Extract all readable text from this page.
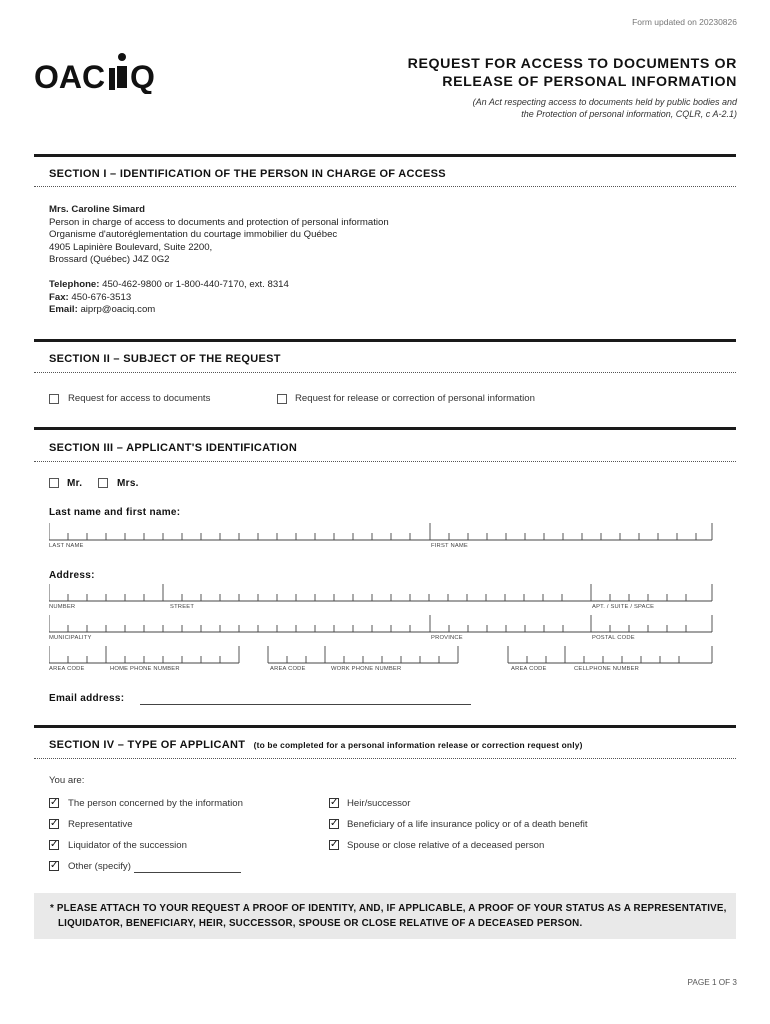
Form updated on 20230826
OAC Q	REQUEST FOR ACCESS TO DOCUMENTS OR
RELEASE OF PERSONAL INFORMATION
(An Act respecting access to documents held by public bodies and
the Protection of personal information, CQLR, c A-2.1)
SECTION I – IDENTIFICATION OF THE PERSON IN CHARGE OF ACCESS
Mrs. Caroline Simard
Person in charge of access to documents and protection of personal information
Organisme d'autoréglementation du courtage immobilier du Québec
4905 Lapinière Boulevard, Suite 2200,
Brossard (Québec) J4Z 0G2
Telephone: 450-462-9800 or 1-800-440-7170, ext. 8314
Fax: 450-676-3513
Email: aiprp@oaciq.com
SECTION II – SUBJECT OF THE REQUEST
Request for access to documents	Request for release or correction of personal information
SECTION III – APPLICANT'S IDENTIFICATION
Mr.	Mrs.
Last name and first name:
LAST NAME	FIRST NAME
Address:
NUMBER	STREET	APT. / SUITE / SPACE
MUNICIPALITY	PROVINCE	POSTAL CODE
AREA CODE	HOME PHONE NUMBER	AREA CODE	WORK PHONE NUMBER	AREA CODE	CELLPHONE NUMBER
Email address:
SECTION IV – TYPE OF APPLICANT (to be completed for a personal information release or correction request only)
You are:
✓ The person concerned by the information
✓ Representative
✓ Liquidator of the succession
✓ Other (specify)
✓ Heir/successor
✓ Beneficiary of a life insurance policy or of a death benefit
✓ Spouse or close relative of a deceased person
* PLEASE ATTACH TO YOUR REQUEST A PROOF OF IDENTITY, AND, IF APPLICABLE, A PROOF OF YOUR STATUS AS A REPRESENTATIVE,
LIQUIDATOR, BENEFICIARY, HEIR, SUCCESSOR, SPOUSE OR CLOSE RELATIVE OF A DECEASED PERSON.
PAGE 1 OF 3
